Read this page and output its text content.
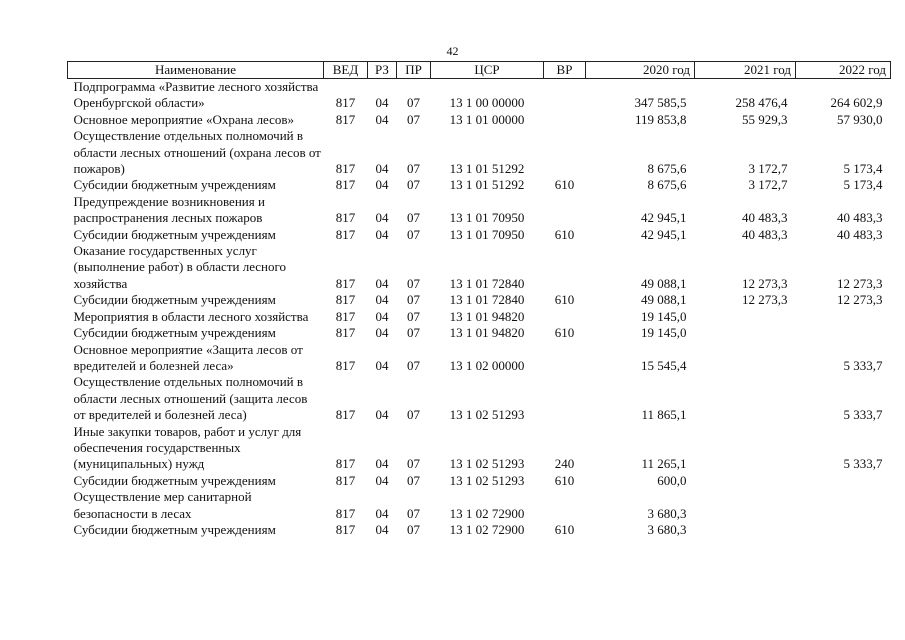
42
Наименование	ВЕД	РЗ	ПР	ЦСР	ВР	2020 год	2021 год	2022 год
Подпрограмма «Развитие лесного хозяйства Оренбургской области»	817	04	07	13 1 00 00000		347 585,5	258 476,4	264 602,9
Основное мероприятие «Охрана лесов»	817	04	07	13 1 01 00000		119 853,8	55 929,3	57 930,0
Осуществление отдельных полномочий в области лесных отношений (охрана лесов от пожаров)	817	04	07	13 1 01 51292		8 675,6	3 172,7	5 173,4
Субсидии бюджетным учреждениям	817	04	07	13 1 01 51292	610	8 675,6	3 172,7	5 173,4
Предупреждение возникновения и распространения лесных пожаров	817	04	07	13 1 01 70950		42 945,1	40 483,3	40 483,3
Субсидии бюджетным учреждениям	817	04	07	13 1 01 70950	610	42 945,1	40 483,3	40 483,3
Оказание государственных услуг (выполнение работ) в области лесного хозяйства	817	04	07	13 1 01 72840		49 088,1	12 273,3	12 273,3
Субсидии бюджетным учреждениям	817	04	07	13 1 01 72840	610	49 088,1	12 273,3	12 273,3
Мероприятия в области лесного хозяйства	817	04	07	13 1 01 94820		19 145,0		
Субсидии бюджетным учреждениям	817	04	07	13 1 01 94820	610	19 145,0		
Основное мероприятие «Защита лесов от вредителей и болезней леса»	817	04	07	13 1 02 00000		15 545,4		5 333,7
Осуществление отдельных полномочий в области лесных отношений (защита лесов от вредителей и болезней леса)	817	04	07	13 1 02 51293		11 865,1		5 333,7
Иные закупки товаров, работ и услуг для обеспечения государственных (муниципальных) нужд	817	04	07	13 1 02 51293	240	11 265,1		5 333,7
Субсидии бюджетным учреждениям	817	04	07	13 1 02 51293	610	600,0		
Осуществление мер санитарной безопасности в лесах	817	04	07	13 1 02 72900		3 680,3		
Субсидии бюджетным учреждениям	817	04	07	13 1 02 72900	610	3 680,3		
